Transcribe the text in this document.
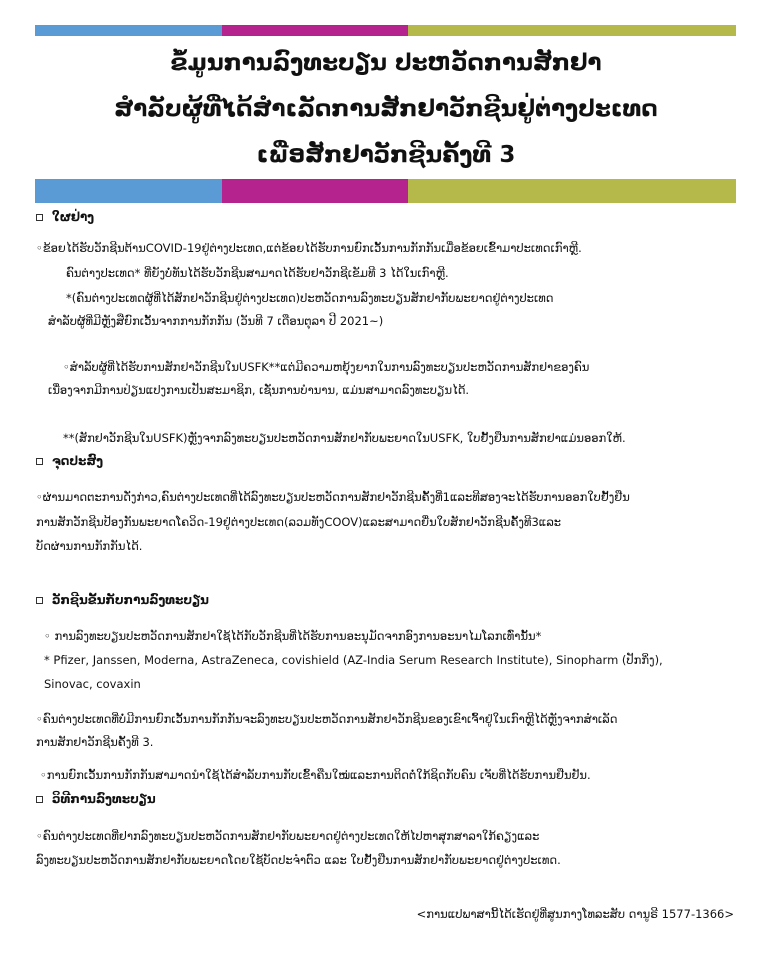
ຂໍ້ມູນການລົງທະບຽນ ປະຫວັດການສັກຢາ
ສຳລັບຜູ້ທີ່ໄດ້ສຳເລັດການສັກຢາວັກຊີນຢູ່ຕ່າງປະເທດ
ເພື່ອສັກຢາວັກຊີນຄັ້ງທີ 3
ໃຜຢ່າງ
◦ຂ້ອຍໄດ້ຮັບວັກຊີນຕ້ານCOVID-19ຢູ່ຕ່າງປະເທດ,ແຕ່ຂ້ອຍໄດ້ຮັບການຍົກເວັ້ນການກັກກັນເມື່ອຂ້ອຍເຂົ້າມາປະເທດເກົາຫຼີ.
ຄົນຕ່າງປະເທດ* ທີ່ຍັງບໍ່ທັນໄດ້ຮັບວັກຊີນສາມາດໄດ້ຮັບຢາວັກຊີເຂັມທີ 3 ໄດ້ໃນເກົາຫຼີ.
*(ຄົນຕ່າງປະເທດຜູ້ທີ່ໄດ້ສັກຢາວັກຊີນຢູ່ຕ່າງປະເທດ)ປະຫວັດການລົງທະບຽນສັກຢາກັບພະຍາດຢູ່ຕ່າງປະເທດ
ສຳລັບຜູ້ທີ່ມີຫຼັງສືຍົກເວັ້ນຈາກການກັກກັນ (ວັນທີ 7 ເດືອນຕຸລາ ປີ 2021~)
◦ສຳລັບຜູ້ທີ່ໄດ້ຮັບການສັກຢາວັກຊີນໃນUSFK**ແຕ່ມີຄວາມຫຍຸ້ງຍາກໃນການລົງທະບຽນປະຫວັດການສັກຢາຂອງຄົນ
ເນື່ອງຈາກມີການປ່ຽນແປງການເປັນສະມາຊິກ, ເຊັ່ນການບຳນານ, ແມ່ນສາມາດລົງທະບຽນໄດ້.
**(ສັກຢາວັກຊີນໃນUSFK)ຫຼັງຈາກລົງທະບຽນປະຫວັດການສັກຢາກັບພະຍາດໃນUSFK, ໃບຢັ້ງຢືນການສັກຢາແມ່ນອອກໃຫ້.
ຈຸດປະສົງ
◦ຜ່ານມາດຕະການດັ່ງກ່າວ,ຄົນຕ່າງປະເທດທີ່ໄດ້ລົງທະບຽນປະຫວັດການສັກຢາວັກຊີນຄັ້ງທີ່1ແລະທີສອງຈະໄດ້ຮັບການອອກໃບຢັ້ງຢືນ
ການສັກວັກຊີນປ້ອງກັນພະຍາດໂຄວິດ-19ຢູ່ຕ່າງປະເທດ(ລວມທັງCOOV)ແລະສາມາດຍື່ນໃບສັກຢາວັກຊີນຄັ້ງທີ3ແລະ
ບັດຜ່ານການກັກກັນໄດ້.
ວັກຊີນຂັ້ນກັບການລົງທະບຽນ
◦ ການລົງທະບຽນປະຫວັດການສັກຢາໃຊ້ໄດ້ກັບວັກຊີນທີ່ໄດ້ຮັບການອະນຸມັດຈາກອົງການອະນາໄມໂລກເທົ່ານັ້ນ*
* Pfizer, Janssen, Moderna, AstraZeneca, covishield (AZ-India Serum Research Institute), Sinopharm (ປັກກິ່ງ),
Sinovac, covaxin
◦ຄົນຕ່າງປະເທດທີ່ບໍ່ມີການຍົກເວັ້ນການກັກກັນຈະລົງທະບຽນປະຫວັດການສັກຢາວັກຊີນຂອງເຂົາເຈົ້າຢູ່ໃນເກົາຫຼີໄດ້ຫຼັງຈາກສຳເລັດ
ການສັກຢາວັກຊີນຄັ້ງທີ 3.
◦ການຍົກເວັ້ນການກັກກັນສາມາດນຳໃຊ້ໄດ້ສຳລັບການກັບເຂົ້າຄືນໃໝ່ແລະການຕິດຕໍ່ໃກ້ຊິດກັບຄົນ ເຈັບທີ່ໄດ້ຮັບການຢືນຢັນ.
ວິທີການລົງທະບຽນ
◦ຄົນຕ່າງປະເທດທີ່ຢາກລົງທະບຽນປະຫວັດການສັກຢາກັບພະຍາດຢູ່ຕ່າງປະເທດໃຫ້ໄປຫາສຸກສາລາໃກ້ຄຽງແລະ
ລົງທະບຽນປະຫວັດການສັກຢາກັບພະຍາດໂດຍໃຊ້ບັດປະຈຳຕົວ ແລະ ໃບຢັ້ງຢືນການສັກຢາກັບພະຍາດຢູ່ຕ່າງປະເທດ.
<ການແປພາສານີ້ໄດ້ເຮັດຢູ່ທີ່ສູນກາງໂທລະສັບ ດານູຣີ 1577-1366>
